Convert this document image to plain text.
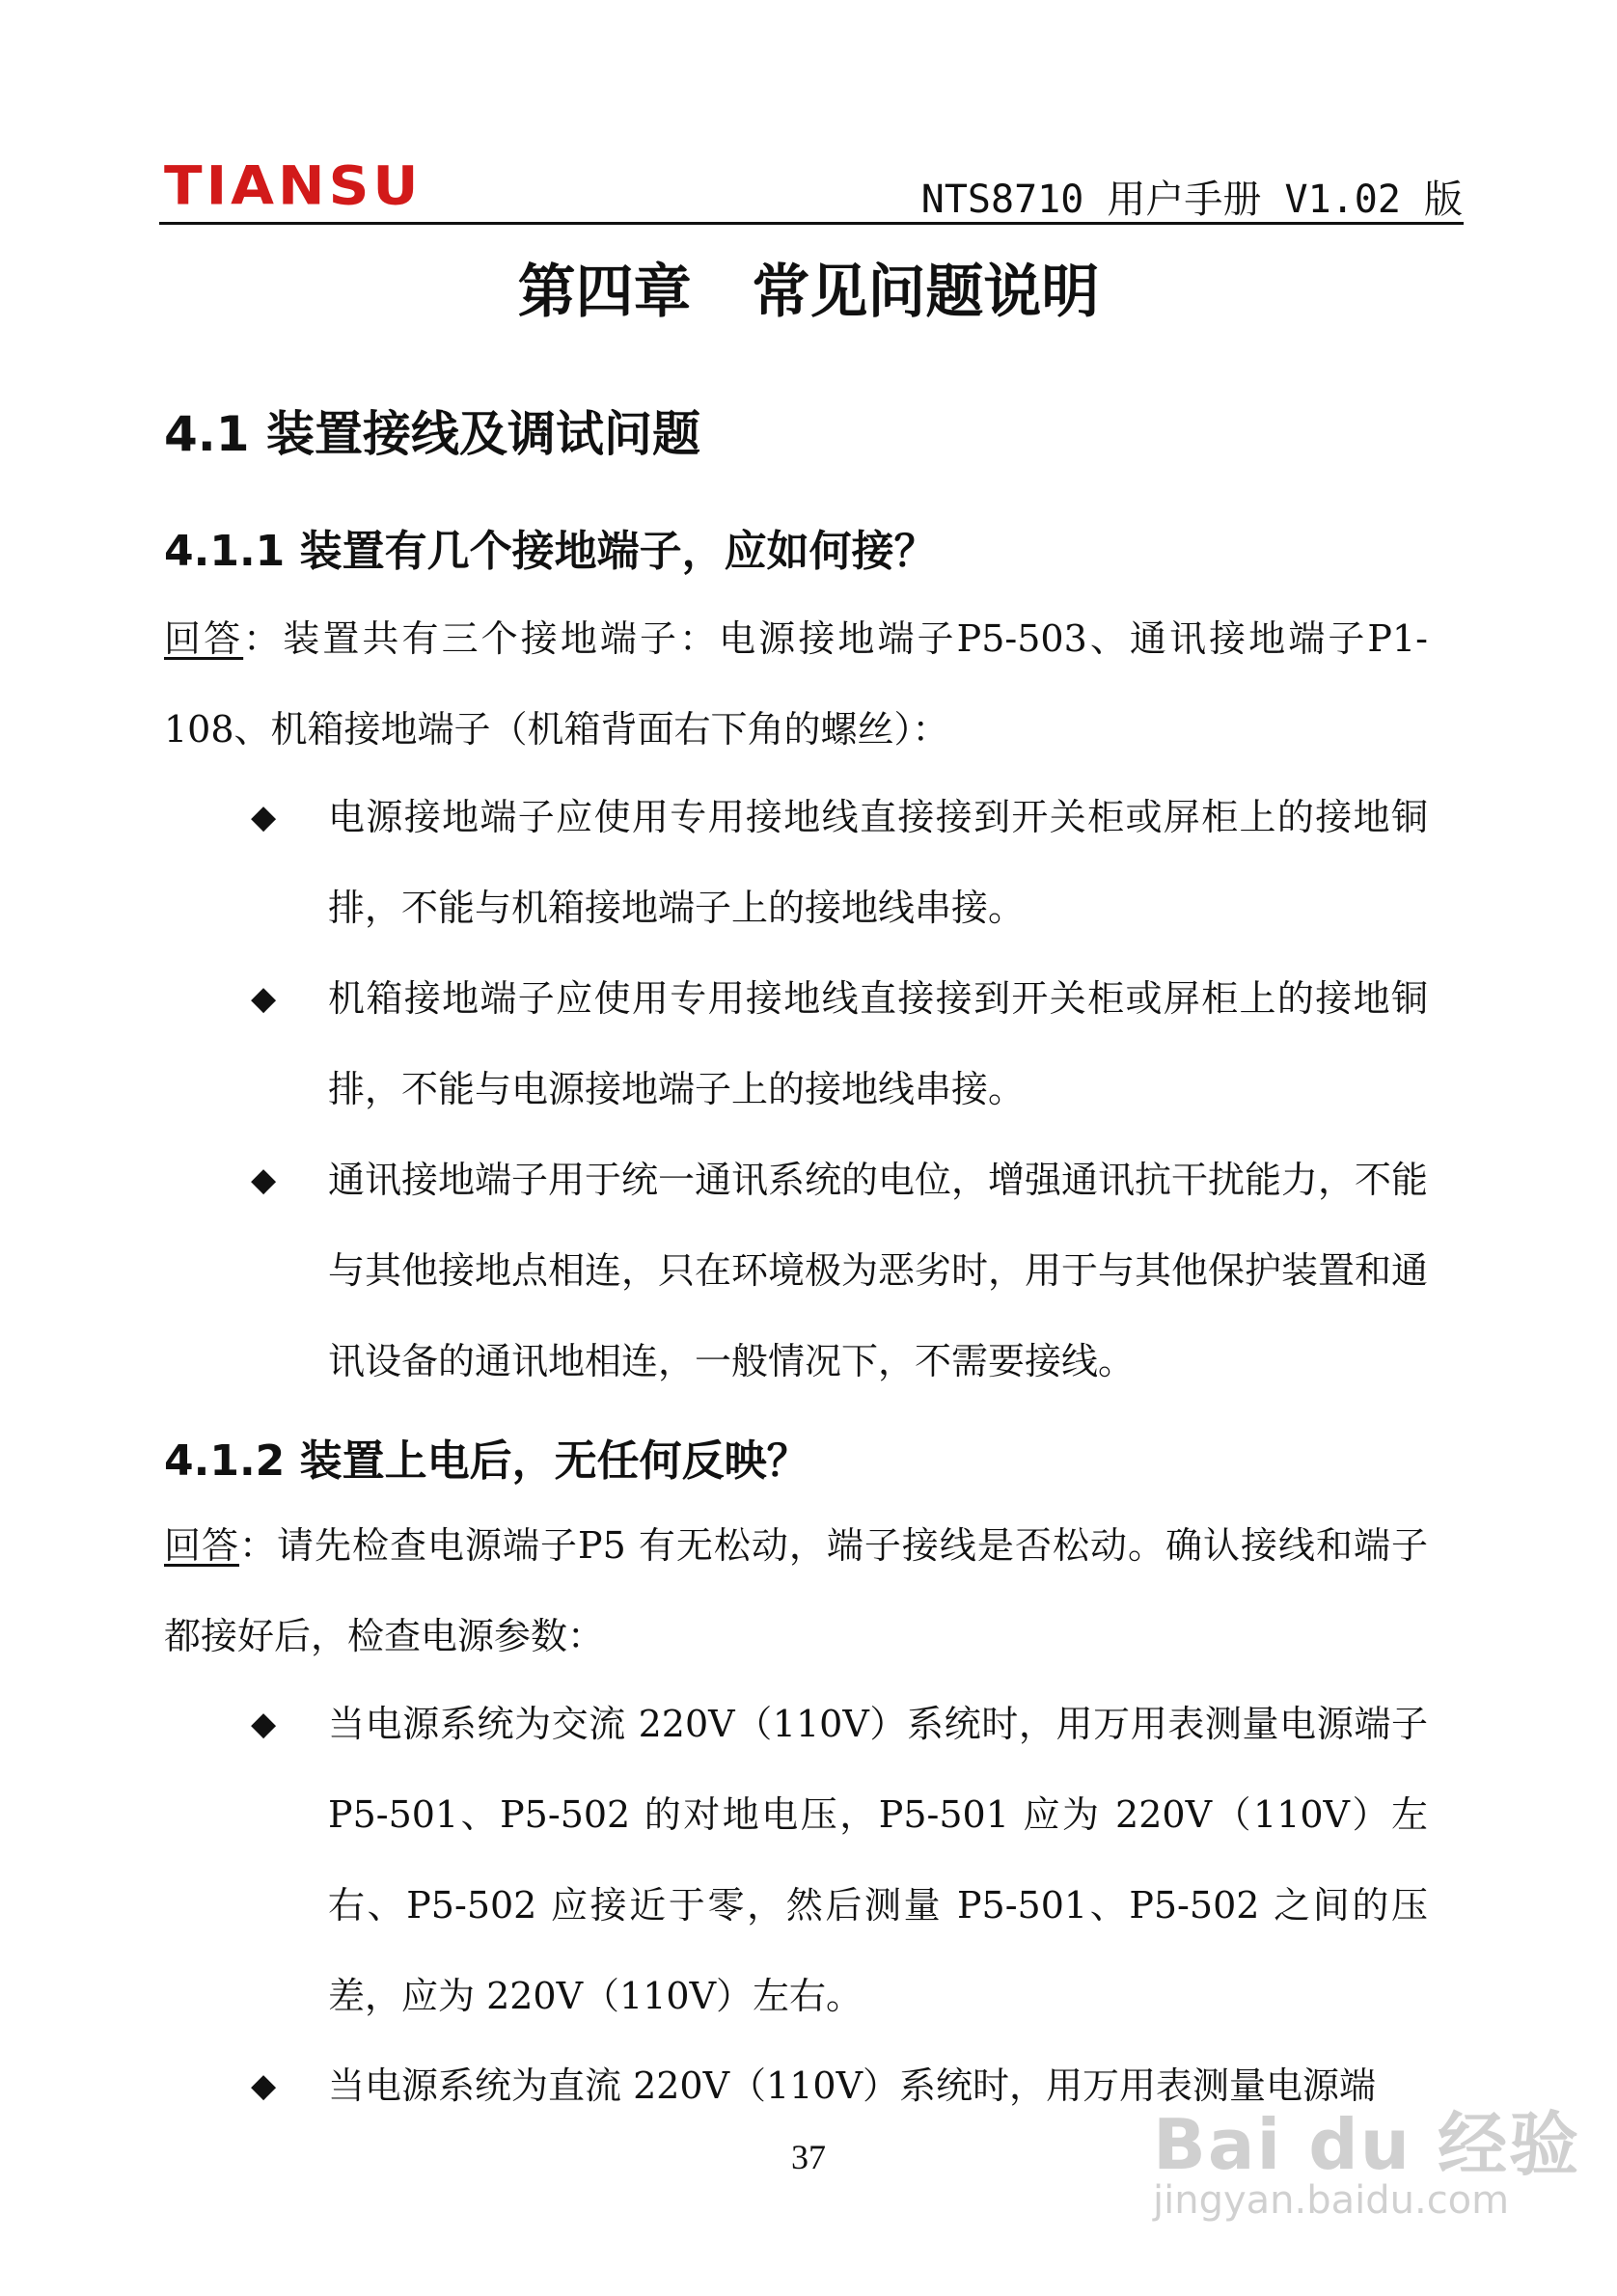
TIANSU	NTS8710 用户手册 V1.02 版
第四章   常见问题说明
4.1 装置接线及调试问题
4.1.1 装置有几个接地端子，应如何接？
回答：装置共有三个接地端子：电源接地端子P5-503、通讯接地端子P1-108、机箱接地端子（机箱背面右下角的螺丝）：
◆ 电源接地端子应使用专用接地线直接接到开关柜或屏柜上的接地铜排，不能与机箱接地端子上的接地线串接。
◆ 机箱接地端子应使用专用接地线直接接到开关柜或屏柜上的接地铜排，不能与电源接地端子上的接地线串接。
◆ 通讯接地端子用于统一通讯系统的电位，增强通讯抗干扰能力，不能与其他接地点相连，只在环境极为恶劣时，用于与其他保护装置和通讯设备的通讯地相连，一般情况下，不需要接线。
4.1.2 装置上电后，无任何反映？
回答：请先检查电源端子P5 有无松动，端子接线是否松动。确认接线和端子都接好后，检查电源参数：
◆ 当电源系统为交流 220V（110V）系统时，用万用表测量电源端子 P5-501、P5-502 的对地电压，P5-501 应为 220V（110V）左右、P5-502 应接近于零，然后测量 P5-501、P5-502 之间的压差，应为 220V（110V）左右。
◆ 当电源系统为直流 220V（110V）系统时，用万用表测量电源端
37	Bai du 经验
jingyan.baidu.com
